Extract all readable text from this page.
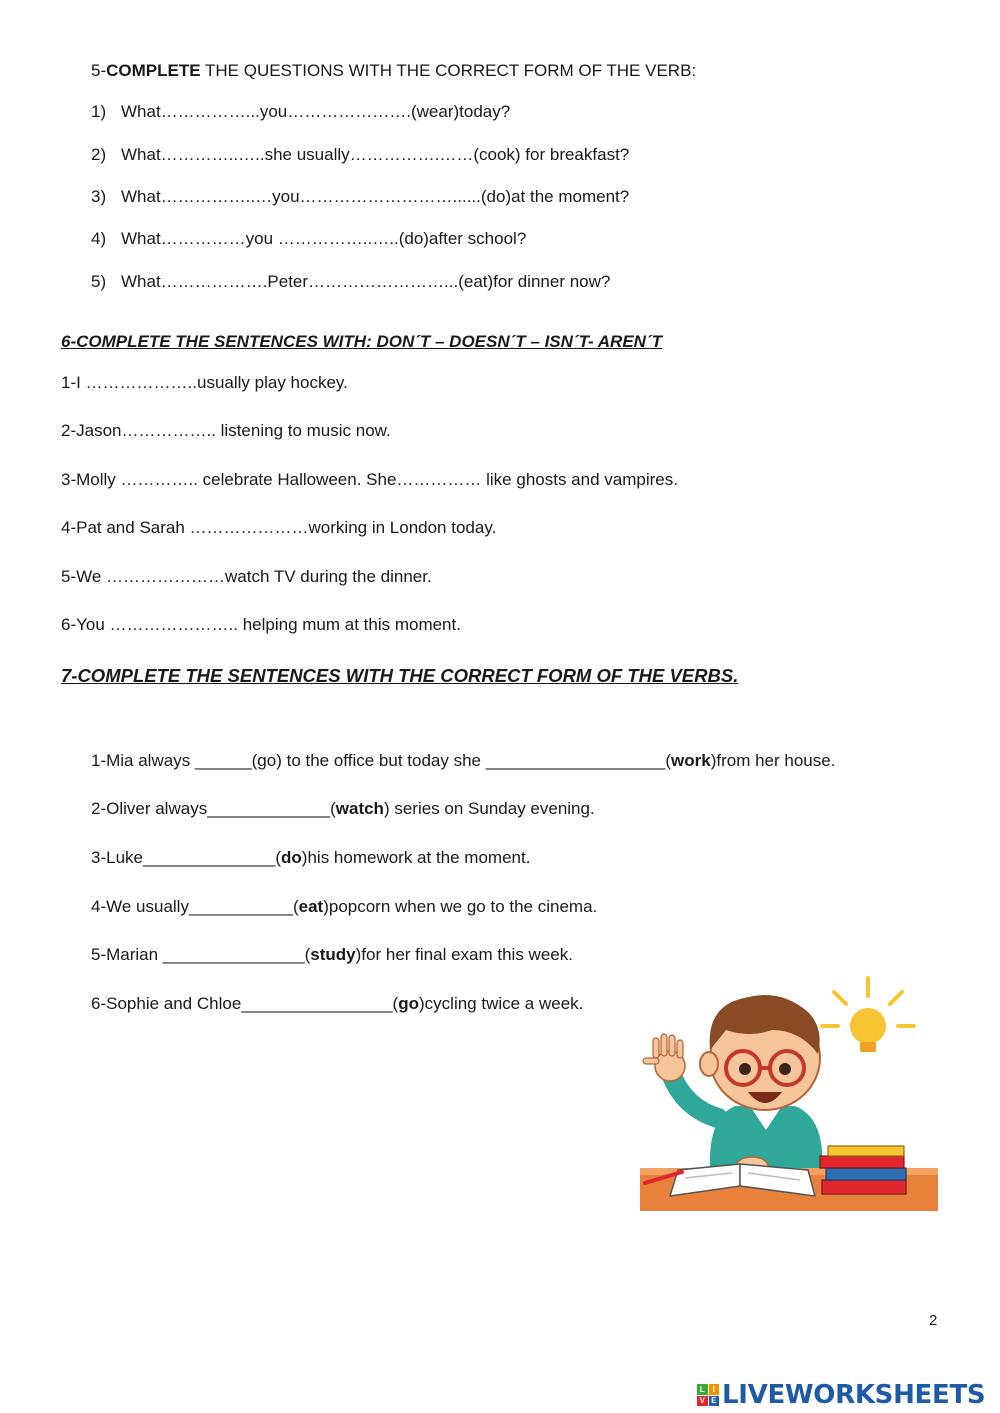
5-COMPLETE THE QUESTIONS WITH THE CORRECT FORM OF THE VERB:
1) What……………...you………………….(wear)today?
2) What…………..…..she usually…………….……(cook) for breakfast?
3) What……………..…you………………………......(do)at the moment?
4) What……………you ……………..…..(do)after school?
5) What……………….Peter……………………...(eat)for dinner now?
6-COMPLETE THE SENTENCES WITH: DON´T – DOESN´T – ISN´T- AREN´T
1-I ………………..usually play hockey.
2-Jason…………….. listening to music now.
3-Molly ………….. celebrate Halloween. She…………… like ghosts and vampires.
4-Pat and Sarah …………………working in London today.
5-We …………………watch TV during the dinner.
6-You ………………….. helping mum at this moment.
7-COMPLETE THE SENTENCES WITH THE CORRECT FORM OF THE VERBS.
1-Mia always ______(go) to the office but today she ___________________(work)from her house.
2-Oliver always_____________(watch) series on Sunday evening.
3-Luke______________(do)his homework at the moment.
4-We usually___________(eat)popcorn when we go to the cinema.
5-Marian _______________(study)for her final exam this week.
6-Sophie and Chloe________________(go)cycling twice a week.
2
L I
V E LIVEWORKSHEETS
